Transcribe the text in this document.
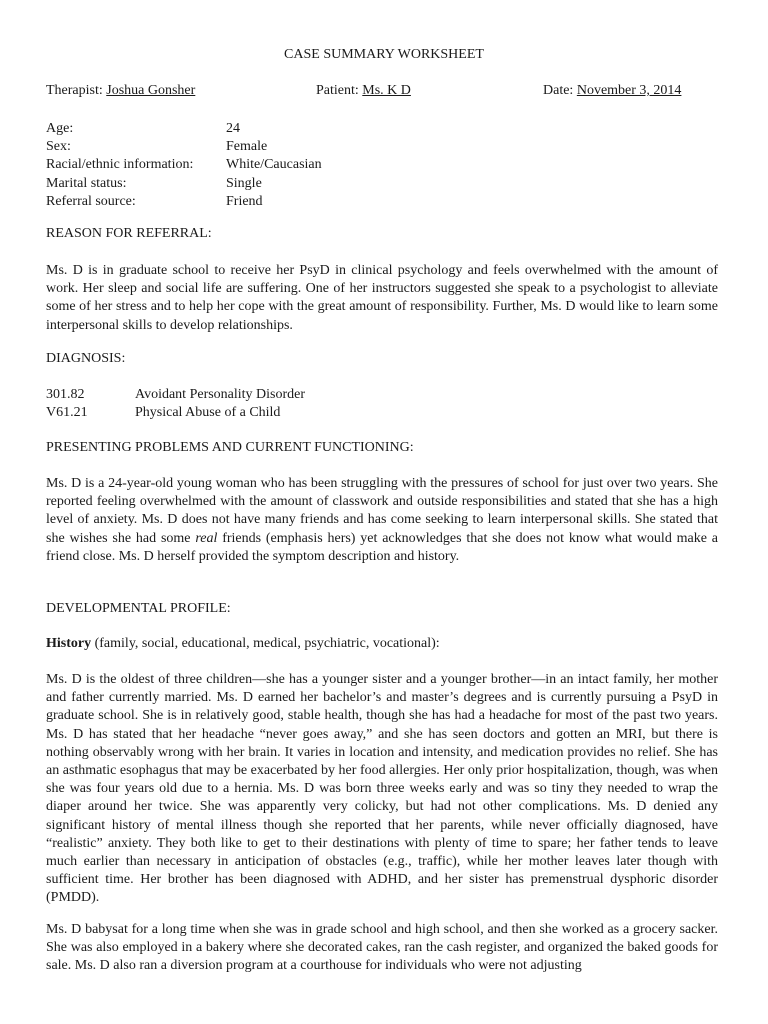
CASE SUMMARY WORKSHEET
Therapist: Joshua Gonsher	Patient: Ms. K D	Date: November 3, 2014
Age:	24
Sex:	Female
Racial/ethnic information:	White/Caucasian
Marital status:	Single
Referral source:	Friend
REASON FOR REFERRAL:
Ms. D is in graduate school to receive her PsyD in clinical psychology and feels overwhelmed with the amount of work. Her sleep and social life are suffering. One of her instructors suggested she speak to a psychologist to alleviate some of her stress and to help her cope with the great amount of responsibility. Further, Ms. D would like to learn some interpersonal skills to develop relationships.
DIAGNOSIS:
301.82	Avoidant Personality Disorder
V61.21	Physical Abuse of a Child
PRESENTING PROBLEMS AND CURRENT FUNCTIONING:
Ms. D is a 24-year-old young woman who has been struggling with the pressures of school for just over two years. She reported feeling overwhelmed with the amount of classwork and outside responsibilities and stated that she has a high level of anxiety. Ms. D does not have many friends and has come seeking to learn interpersonal skills. She stated that she wishes she had some real friends (emphasis hers) yet acknowledges that she does not know what would make a friend close. Ms. D herself provided the symptom description and history.
DEVELOPMENTAL PROFILE:
History (family, social, educational, medical, psychiatric, vocational):
Ms. D is the oldest of three children—she has a younger sister and a younger brother—in an intact family, her mother and father currently married. Ms. D earned her bachelor’s and master’s degrees and is currently pursuing a PsyD in graduate school. She is in relatively good, stable health, though she has had a headache for most of the past two years. Ms. D has stated that her headache “never goes away,” and she has seen doctors and gotten an MRI, but there is nothing observably wrong with her brain. It varies in location and intensity, and medication provides no relief. She has an asthmatic esophagus that may be exacerbated by her food allergies. Her only prior hospitalization, though, was when she was four years old due to a hernia. Ms. D was born three weeks early and was so tiny they needed to wrap the diaper around her twice. She was apparently very colicky, but had not other complications. Ms. D denied any significant history of mental illness though she reported that her parents, while never officially diagnosed, have “realistic” anxiety. They both like to get to their destinations with plenty of time to spare; her father tends to leave much earlier than necessary in anticipation of obstacles (e.g., traffic), while her mother leaves later though with sufficient time. Her brother has been diagnosed with ADHD, and her sister has premenstrual dysphoric disorder (PMDD).
Ms. D babysat for a long time when she was in grade school and high school, and then she worked as a grocery sacker. She was also employed in a bakery where she decorated cakes, ran the cash register, and organized the baked goods for sale. Ms. D also ran a diversion program at a courthouse for individuals who were not adjusting
